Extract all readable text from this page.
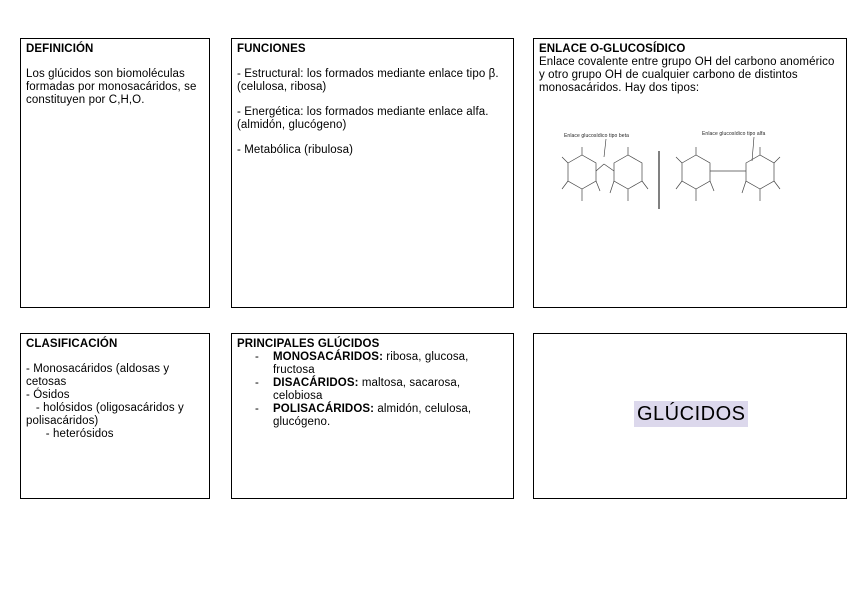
DEFINICIÓN
Los glúcidos son biomoléculas formadas por monosacáridos, se constituyen por C,H,O.
FUNCIONES
- Estructural: los formados mediante enlace tipo β. (celulosa, ribosa)
- Energética: los formados mediante enlace alfa. (almidón, glucógeno)
- Metabólica (ribulosa)
ENLACE O-GLUCOSÍDICO
Enlace covalente entre grupo OH del carbono anomérico y otro grupo OH de cualquier carbono de distintos monosacáridos. Hay dos tipos:
Enlace glucosídico tipo beta	Enlace glucosídico tipo alfa
CLASIFICACIÓN
- Monosacáridos (aldosas y cetosas
- Ósidos
- holósidos (oligosacáridos y polisacáridos)
- heterósidos
PRINCIPALES GLÚCIDOS
- MONOSACÁRIDOS: ribosa, glucosa, fructosa
- DISACÁRIDOS: maltosa, sacarosa, celobiosa
- POLISACÁRIDOS: almidón, celulosa, glucógeno.	GLÚCIDOS
